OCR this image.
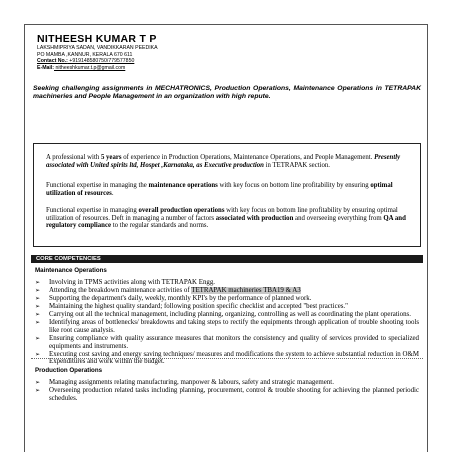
NITHEESH KUMAR T P
LAKSHMIPRIYA SADAN, VANDIKKARAN PEEDIKA
PO MAMBA ,KANNUR, KERALA 670 611
Contact No.: +919148580750/779577850
E-Mail: nitheeshkumar.t.p@gmail.com
Seeking challenging assignments in MECHATRONICS, Production Operations, Maintenance Operations in TETRAPAK machineries and People Management in an organization with high repute.

A professional with 5 years of experience in Production Operations, Maintenance Operations, and People Management. Presently associated with United spirits ltd, Hospet ,Karnataka, as Executive production in TETRAPAK section.

Functional expertise in managing the maintenance operations with key focus on bottom line profitability by ensuring optimal utilization of resources.

Functional expertise in managing overall production operations with key focus on bottom line profitability by ensuring optimal utilization of resources. Deft in managing a number of factors associated with production and overseeing everything from QA and regulatory compliance to the regular standards and norms.

CORE COMPETENCIES
Maintenance Operations
➢ Involving in TPMS activities along with TETRAPAK Engg.
➢ Attending the breakdown maintenance activities of TETRAPAK machineries TBA19 & A3
➢ Supporting the department's daily, weekly, monthly KPI's by the performance of planned work.
➢ Maintaining the highest quality standard; following position specific checklist and accepted "best practices."
➢ Carrying out all the technical management, including planning, organizing, controlling as well as coordinating the plant operations.
➢ Identifying areas of bottlenecks/ breakdowns and taking steps to rectify the equipments through application of trouble shooting tools like root cause analysis.
➢ Ensuring compliance with quality assurance measures that monitors the consistency and quality of services provided to specialized equipments and instruments.
➢ Executing cost saving and energy saving techniques/ measures and modifications the system to achieve substantial reduction in O&M Expenditures and work within the budget.
Production Operations
➢ Managing assignments relating manufacturing, manpower & labours, safety and strategic management.
➢ Overseeing production related tasks including planning, procurement, control & trouble shooting for achieving the planned periodic schedules.
